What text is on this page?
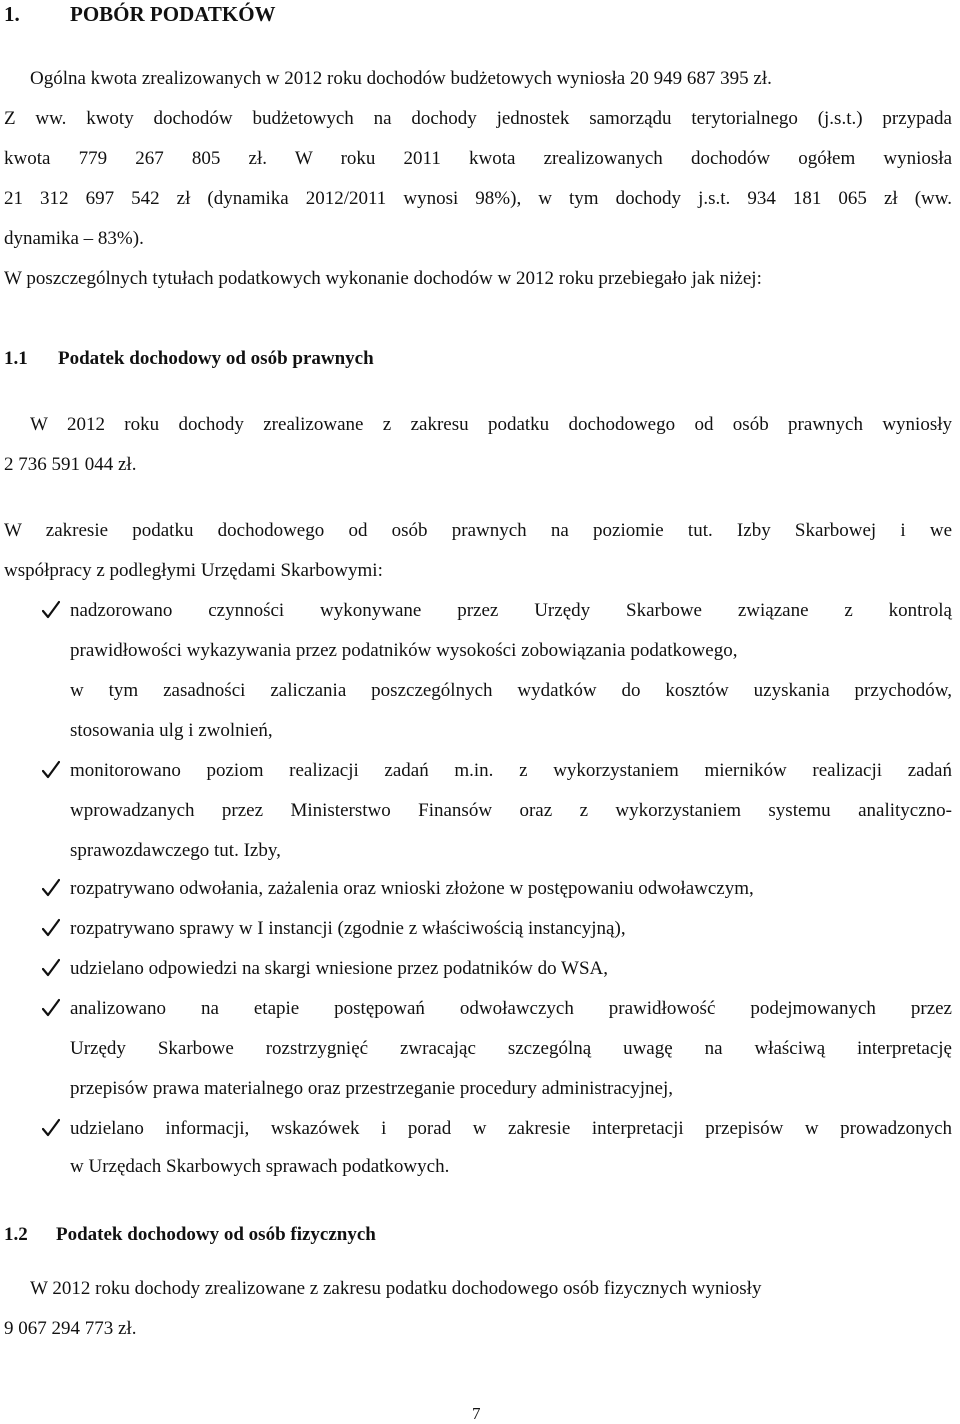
1. POBÓR PODATKÓW
Ogólna kwota zrealizowanych w 2012 roku dochodów budżetowych wyniosła 20 949 687 395 zł.
Z ww. kwoty dochodów budżetowych na dochody jednostek samorządu terytorialnego (j.s.t.) przypada
kwota 779 267 805 zł. W roku 2011 kwota zrealizowanych dochodów ogółem wyniosła
21 312 697 542 zł (dynamika 2012/2011 wynosi 98%), w tym dochody j.s.t. 934 181 065 zł (ww.
dynamika – 83%).
W poszczególnych tytułach podatkowych wykonanie dochodów w 2012 roku przebiegało jak niżej:
1.1 Podatek dochodowy od osób prawnych
W 2012 roku dochody zrealizowane z zakresu podatku dochodowego od osób prawnych wyniosły
2 736 591 044 zł.
W zakresie podatku dochodowego od osób prawnych na poziomie tut. Izby Skarbowej i we
współpracy z podległymi Urzędami Skarbowymi:
nadzorowano czynności wykonywane przez Urzędy Skarbowe związane z kontrolą
prawidłowości wykazywania przez podatników wysokości zobowiązania podatkowego,
w tym zasadności zaliczania poszczególnych wydatków do kosztów uzyskania przychodów,
stosowania ulg i zwolnień,
monitorowano poziom realizacji zadań m.in. z wykorzystaniem mierników realizacji zadań
wprowadzanych przez Ministerstwo Finansów oraz z wykorzystaniem systemu analityczno-
sprawozdawczego tut. Izby,
rozpatrywano odwołania, zażalenia oraz wnioski złożone w postępowaniu odwoławczym,
rozpatrywano sprawy w I instancji (zgodnie z właściwością instancyjną),
udzielano odpowiedzi na skargi wniesione przez podatników do WSA,
analizowano na etapie postępowań odwoławczych prawidłowość podejmowanych przez
Urzędy Skarbowe rozstrzygnięć zwracając szczególną uwagę na właściwą interpretację
przepisów prawa materialnego oraz przestrzeganie procedury administracyjnej,
udzielano informacji, wskazówek i porad w zakresie interpretacji przepisów w prowadzonych
w Urzędach Skarbowych sprawach podatkowych.
1.2 Podatek dochodowy od osób fizycznych
W 2012 roku dochody zrealizowane z zakresu podatku dochodowego osób fizycznych wyniosły
9 067 294 773 zł.
7
